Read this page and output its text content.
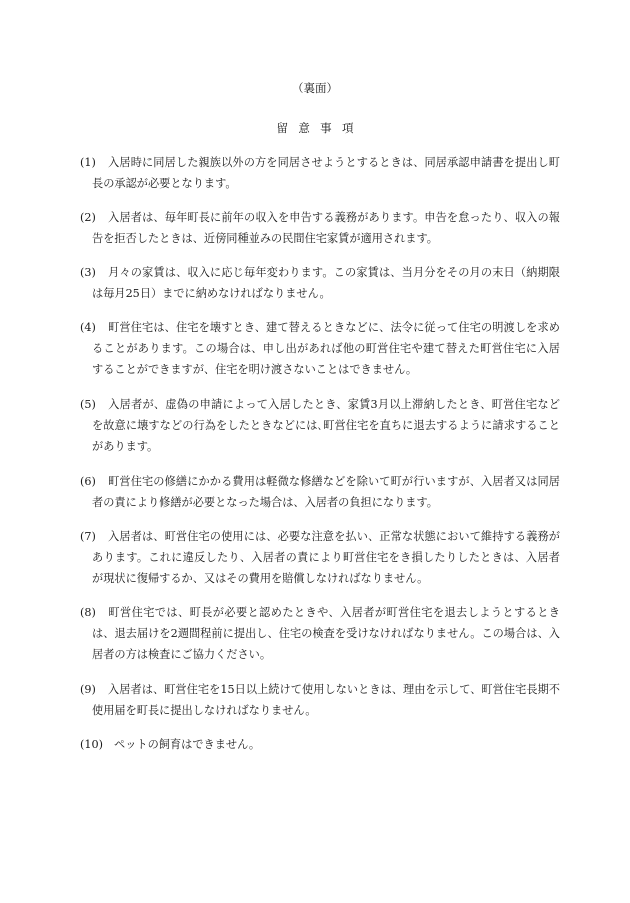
（裏面）
留意事項

(1) 入居時に同居した親族以外の方を同居させようとするときは、同居承認申請書を提出し町長の承認が必要となります。

(2) 入居者は、毎年町長に前年の収入を申告する義務があります。申告を怠ったり、収入の報告を拒否したときは、近傍同種並みの民間住宅家賃が適用されます。

(3) 月々の家賃は、収入に応じ毎年変わります。この家賃は、当月分をその月の末日（納期限は毎月25日）までに納めなければなりません。

(4) 町営住宅は、住宅を壊すとき、建て替えるときなどに、法令に従って住宅の明渡しを求めることがあります。この場合は、申し出があれば他の町営住宅や建て替えた町営住宅に入居することができますが、住宅を明け渡さないことはできません。

(5) 入居者が、虚偽の申請によって入居したとき、家賃3月以上滞納したとき、町営住宅などを故意に壊すなどの行為をしたときなどには､町営住宅を直ちに退去するように請求することがあります。

(6) 町営住宅の修繕にかかる費用は軽微な修繕などを除いて町が行いますが、入居者又は同居者の責により修繕が必要となった場合は、入居者の負担になります。

(7) 入居者は、町営住宅の使用には、必要な注意を払い、正常な状態において維持する義務があります。これに違反したり、入居者の責により町営住宅をき損したりしたときは、入居者が現状に復帰するか、又はその費用を賠償しなければなりません。

(8) 町営住宅では、町長が必要と認めたときや、入居者が町営住宅を退去しようとするときは、退去届けを2週間程前に提出し、住宅の検査を受けなければなりません。この場合は、入居者の方は検査にご協力ください。

(9) 入居者は、町営住宅を15日以上続けて使用しないときは、理由を示して、町営住宅長期不使用届を町長に提出しなければなりません。

(10) ペットの飼育はできません。
